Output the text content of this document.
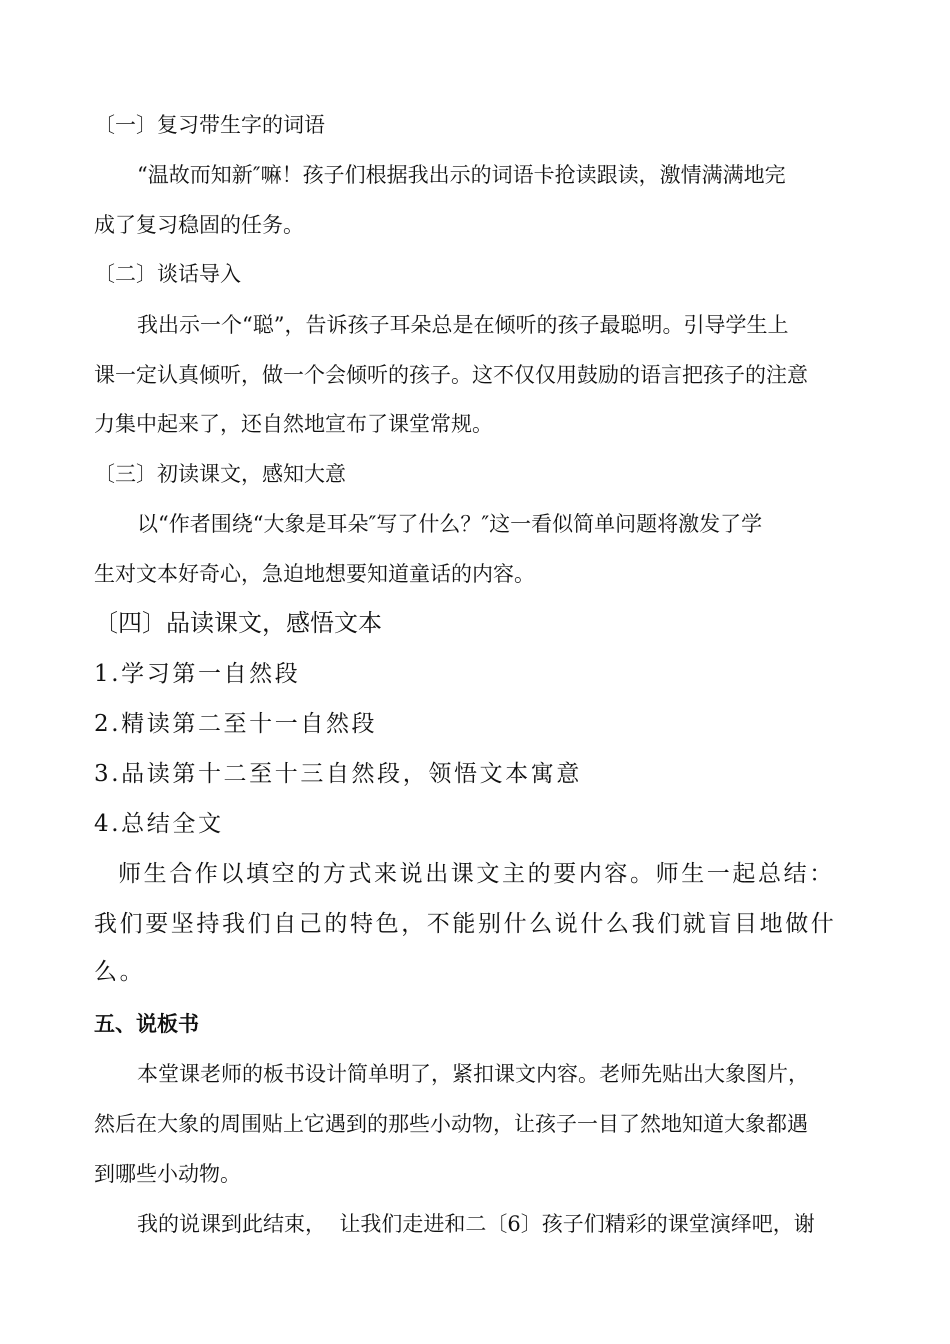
〔一〕复习带生字的词语
“温故而知新″嘛！孩子们根据我出示的词语卡抢读跟读，激情满满地完
成了复习稳固的任务。
〔二〕谈话导入
我出示一个“聪”，告诉孩子耳朵总是在倾听的孩子最聪明。引导学生上
课一定认真倾听，做一个会倾听的孩子。这不仅仅用鼓励的语言把孩子的注意
力集中起来了，还自然地宣布了课堂常规。
〔三〕初读课文，感知大意
以“作者围绕“大象是耳朵″写了什么？″这一看似简单问题将激发了学
生对文本好奇心，急迫地想要知道童话的内容。
〔四〕品读课文，感悟文本
1.学习第一自然段
2.精读第二至十一自然段
3.品读第十二至十三自然段，领悟文本寓意
4.总结全文
师生合作以填空的方式来说出课文主的要内容。师生一起总结：
我们要坚持我们自己的特色，不能别什么说什么我们就盲目地做什
么。
五、说板书
本堂课老师的板书设计简单明了，紧扣课文内容。老师先贴出大象图片，
然后在大象的周围贴上它遇到的那些小动物，让孩子一目了然地知道大象都遇
到哪些小动物。
我的说课到此结束，  让我们走进和二〔6〕孩子们精彩的课堂演绎吧，谢
